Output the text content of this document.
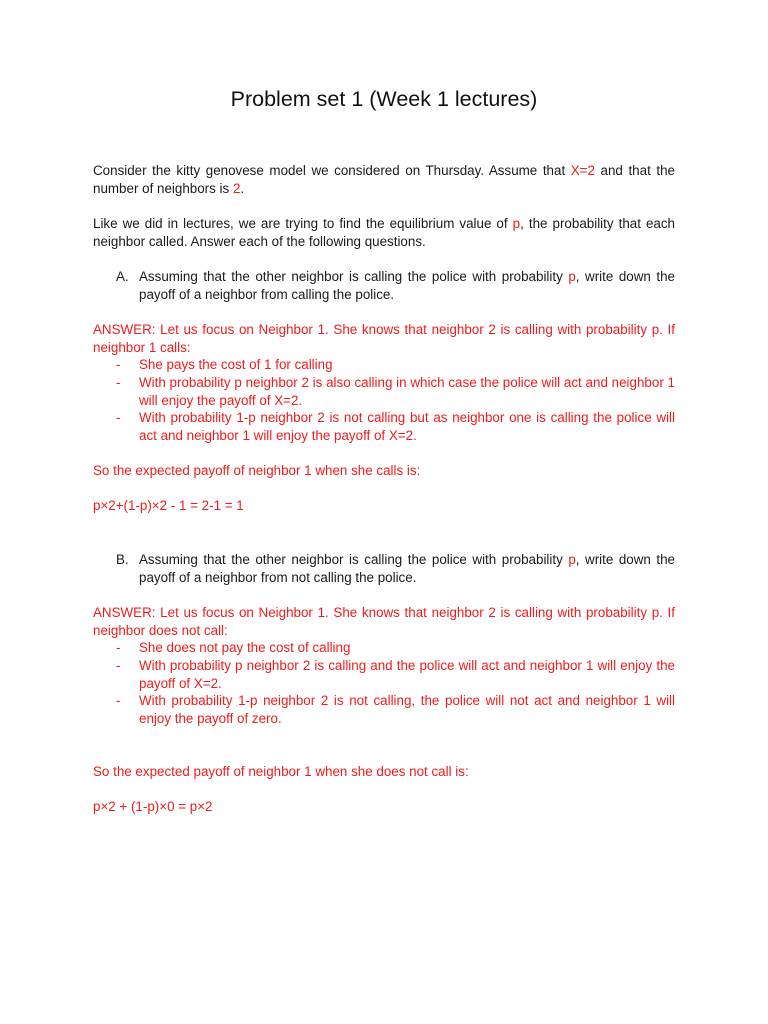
Problem set 1 (Week 1 lectures)
Consider the kitty genovese model we considered on Thursday. Assume that X=2 and that the number of neighbors is 2.
Like we did in lectures, we are trying to find the equilibrium value of p, the probability that each neighbor called. Answer each of the following questions.
A. Assuming that the other neighbor is calling the police with probability p, write down the payoff of a neighbor from calling the police.
ANSWER: Let us focus on Neighbor 1. She knows that neighbor 2 is calling with probability p. If neighbor 1 calls:
- She pays the cost of 1 for calling
- With probability p neighbor 2 is also calling in which case the police will act and neighbor 1 will enjoy the payoff of X=2.
- With probability 1-p neighbor 2 is not calling but as neighbor one is calling the police will act and neighbor 1 will enjoy the payoff of X=2.
So the expected payoff of neighbor 1 when she calls is:
p×2+(1-p)×2 - 1 = 2-1 = 1
B. Assuming that the other neighbor is calling the police with probability p, write down the payoff of a neighbor from not calling the police.
ANSWER: Let us focus on Neighbor 1. She knows that neighbor 2 is calling with probability p. If neighbor does not call:
- She does not pay the cost of calling
- With probability p neighbor 2 is calling and the police will act and neighbor 1 will enjoy the payoff of X=2.
- With probability 1-p neighbor 2 is not calling, the police will not act and neighbor 1 will enjoy the payoff of zero.
So the expected payoff of neighbor 1 when she does not call is:
p×2 + (1-p)×0 = p×2
